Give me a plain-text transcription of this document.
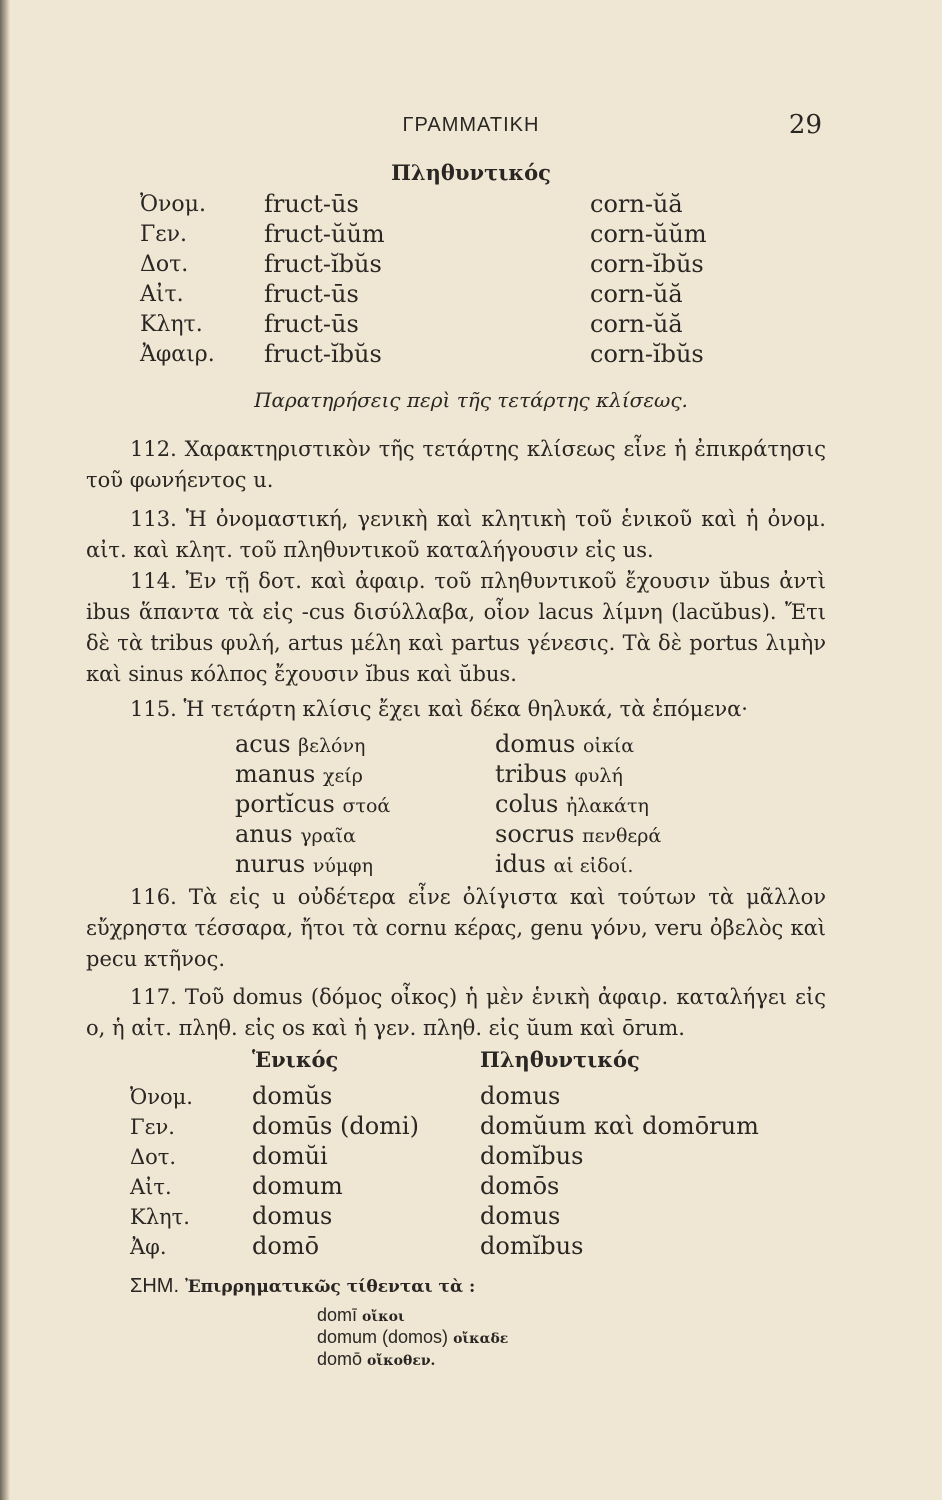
ΓΡΑΜΜΑΤΙΚΗ	29
Πληθυντικός
Ὀνομ.	fruct-ūs	corn-ŭă
Γεν.	fruct-ŭŭm	corn-ŭŭm
Δοτ.	fruct-ĭbŭs	corn-ĭbŭs
Αἰτ.	fruct-ūs	corn-ŭă
Κλητ.	fruct-ūs	corn-ŭă
Ἀφαιρ.	fruct-ĭbŭs	corn-ĭbŭs
Παρατηρήσεις περὶ τῆς τετάρτης κλίσεως.
112. Χαρακτηριστικὸν τῆς τετάρτης κλίσεως εἶνε ἡ ἐπικράτησις τοῦ φωνήεντος u.
113. Ἡ ὀνομαστική, γενικὴ καὶ κλητικὴ τοῦ ἑνικοῦ καὶ ἡ ὀνομ. αἰτ. καὶ κλητ. τοῦ πληθυντικοῦ καταλήγουσιν εἰς us.
114. Ἐν τῇ δοτ. καὶ ἀφαιρ. τοῦ πληθυντικοῦ ἔχουσιν ŭbus ἀντὶ ibus ἅπαντα τὰ εἰς -cus δισύλλαβα, οἷον lacus λίμνη (lacŭbus). Ἔτι δὲ τὰ tribus φυλή, artus μέλη καὶ partus γένεσις. Τὰ δὲ portus λιμὴν καὶ sinus κόλπος ἔχουσιν ĭbus καὶ ŭbus.
115. Ἡ τετάρτη κλίσις ἔχει καὶ δέκα θηλυκά, τὰ ἑπόμενα·
acus βελόνη	domus οἰκία
manus χείρ	tribus φυλή
portĭcus στοά	colus ἠλακάτη
anus γραῖα	socrus πενθερά
nurus νύμφη	idus αἱ εἰδοί.
116. Τὰ εἰς u οὐδέτερα εἶνε ὀλίγιστα καὶ τούτων τὰ μᾶλλον εὔχρηστα τέσσαρα, ἤτοι τὰ cornu κέρας, genu γόνυ, veru ὀβελὸς καὶ pecu κτῆνος.
117. Τοῦ domus (δόμος οἶκος) ἡ μὲν ἑνικὴ ἀφαιρ. καταλήγει εἰς o, ἡ αἰτ. πληθ. εἰς os καὶ ἡ γεν. πληθ. εἰς ŭum καὶ ōrum.
Ἑνικός	Πληθυντικός
Ὀνομ. domŭs	domus
Γεν.	domūs (domi)	domŭum καὶ domōrum
Δοτ.	domŭi	domĭbus
Αἰτ.	domum	domōs
Κλητ.	domus	domus
Ἀφ.	domō	domĭbus
ΣΗΜ. Ἐπιρρηματικῶς τίθενται τὰ :
domī οἴκοι
domum (domos) οἴκαδε
domō οἴκοθεν.
